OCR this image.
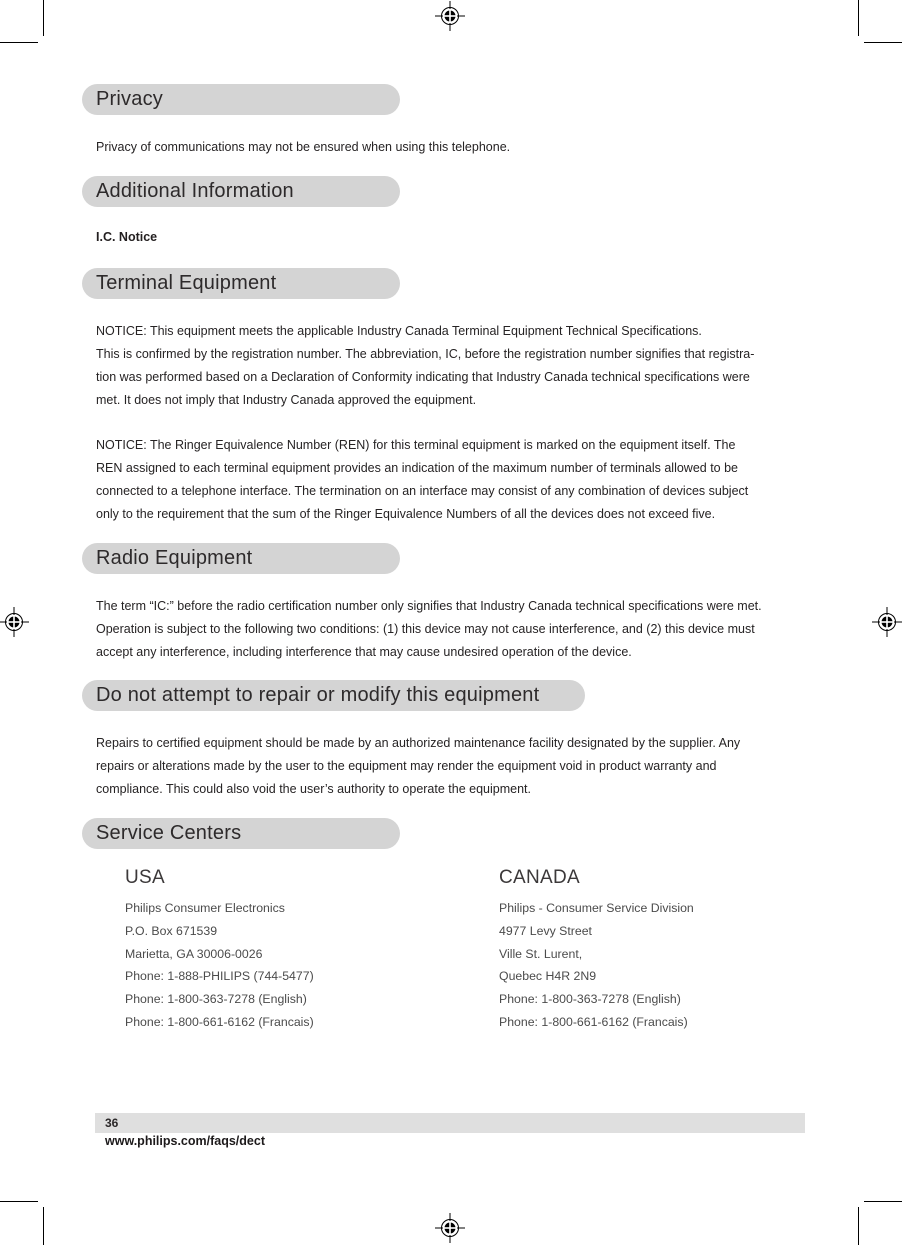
Privacy
Privacy of communications may not be ensured when using this telephone.
Additional Information
I.C. Notice
Terminal Equipment
NOTICE: This equipment meets the applicable Industry Canada Terminal Equipment Technical Specifications.
This is confirmed by the registration number. The abbreviation, IC, before the registration number signifies that registra-
tion was performed based on a Declaration of Conformity indicating that Industry Canada technical specifications were
met. It does not imply that Industry Canada approved the equipment.
NOTICE: The Ringer Equivalence Number (REN) for this terminal equipment is marked on the equipment itself. The
REN assigned to each terminal equipment provides an indication of the maximum number of terminals allowed to be
connected to a telephone interface. The termination on an interface may consist of any combination of devices subject
only to the requirement that the sum of the Ringer Equivalence Numbers of all the devices does not exceed five.
Radio Equipment
The term “IC:” before the radio certification number only signifies that Industry Canada technical specifications were met.
Operation is subject to the following two conditions: (1) this device may not cause interference, and (2) this device must
accept any interference, including interference that may cause undesired operation of the device.
Do not attempt to repair or modify this equipment
Repairs to certified equipment should be made by an authorized maintenance facility designated by the supplier. Any
repairs or alterations made by the user to the equipment may render the equipment void in product warranty and
compliance. This could also void the user’s authority to operate the equipment.
Service Centers
USA
Philips Consumer Electronics
P.O. Box 671539
Marietta, GA 30006-0026
Phone: 1-888-PHILIPS (744-5477)
Phone: 1-800-363-7278 (English)
Phone: 1-800-661-6162 (Francais)
CANADA
Philips - Consumer Service Division
4977 Levy Street
Ville St. Lurent,
Quebec H4R 2N9
Phone: 1-800-363-7278 (English)
Phone: 1-800-661-6162 (Francais)
36
www.philips.com/faqs/dect
